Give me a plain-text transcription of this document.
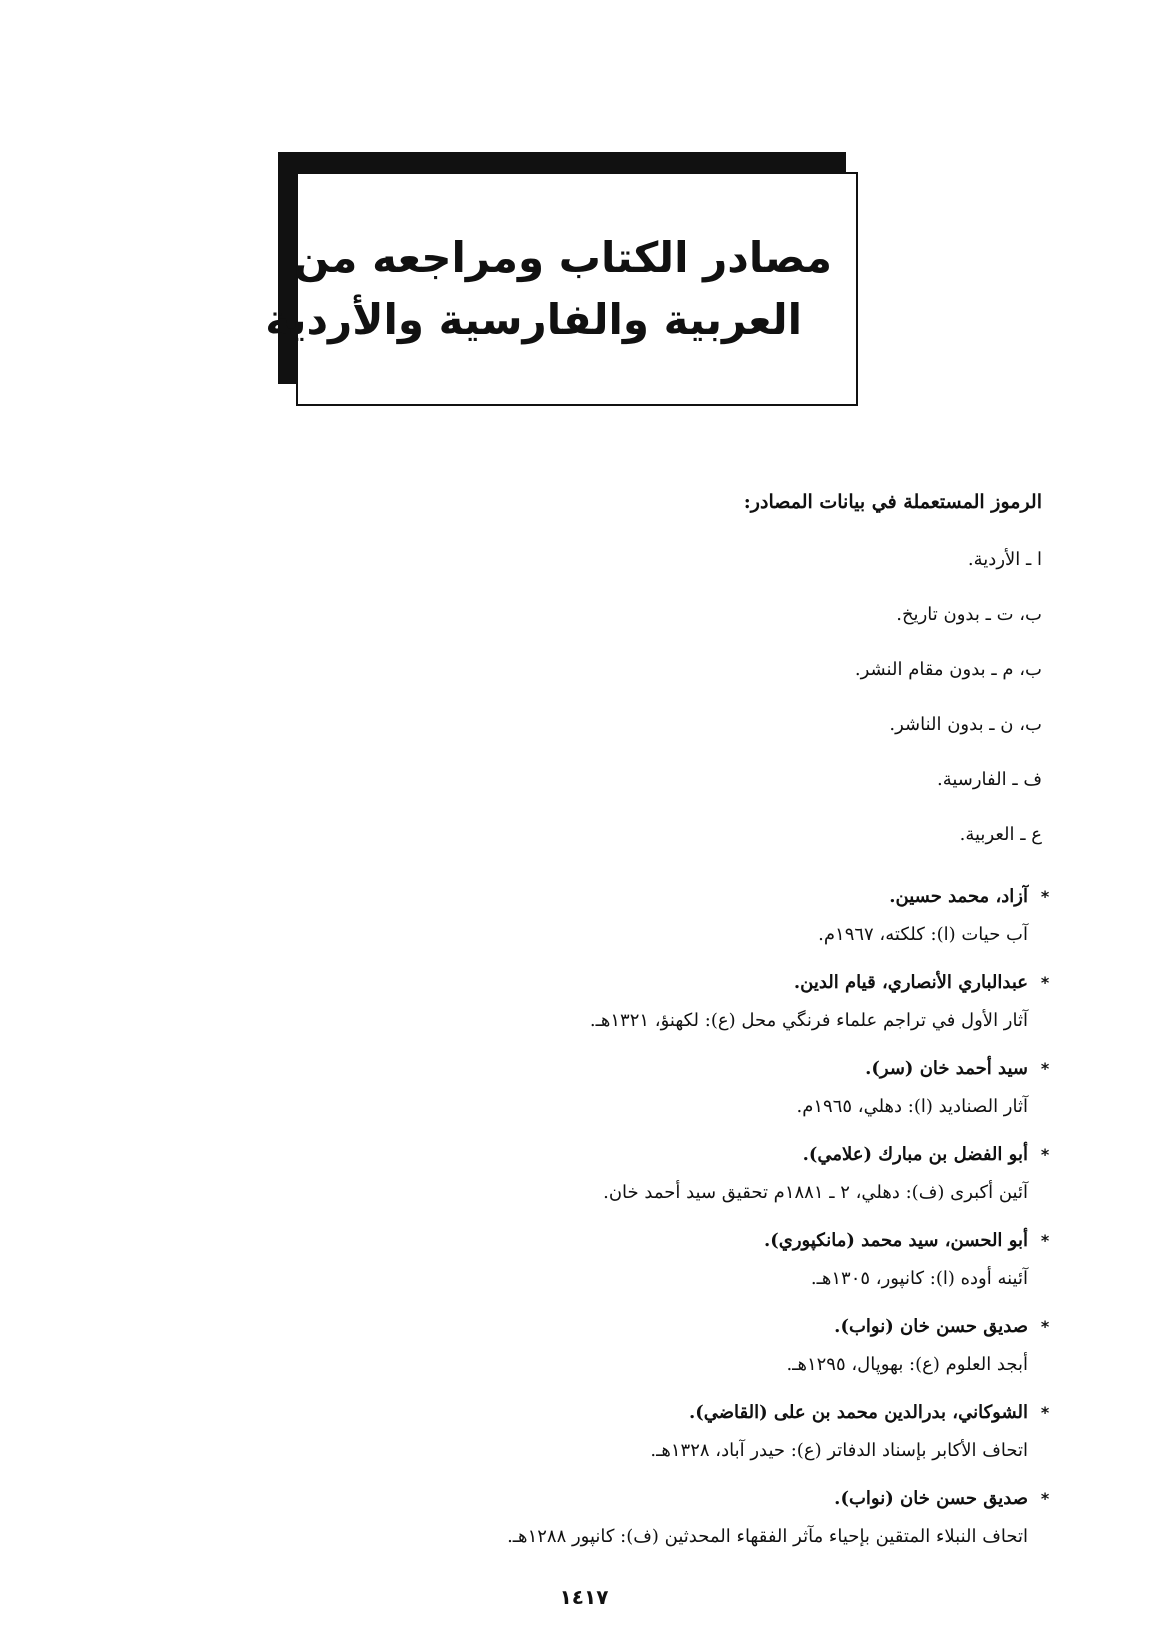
مصادر الكتاب ومراجعه من
العربية والفارسية والأردية
الرموز المستعملة في بيانات المصادر:
ا ـ الأردية.
ب، ت ـ بدون تاريخ.
ب، م ـ بدون مقام النشر.
ب، ن ـ بدون الناشر.
ف ـ الفارسية.
ع ـ العربية.
*آزاد، محمد حسين.
آب حيات (ا): كلكته، ١٩٦٧م.
*عبدالباري الأنصاري، قيام الدين.
آثار الأول في تراجم علماء فرنگي محل (ع): لكهنؤ، ١٣٢١هـ.
*سيد أحمد خان (سر).
آثار الصناديد (ا): دهلي، ١٩٦٥م.
*أبو الفضل بن مبارك (علامي).
آئين أكبرى (ف): دهلي، ٢ ـ ١٨٨١م تحقيق سيد أحمد خان.
*أبو الحسن، سيد محمد (مانكپوري).
آئينه أوده (ا): كانپور، ١٣٠٥هـ.
*صديق حسن خان (نواب).
أبجد العلوم (ع): بهوپال، ١٢٩٥هـ.
*الشوكاني، بدرالدين محمد بن على (القاضي).
اتحاف الأكابر بإسناد الدفاتر (ع): حيدر آباد، ١٣٢٨هـ.
*صديق حسن خان (نواب).
اتحاف النبلاء المتقين بإحياء مآثر الفقهاء المحدثين (ف): كانپور ١٢٨٨هـ.
١٤١٧
